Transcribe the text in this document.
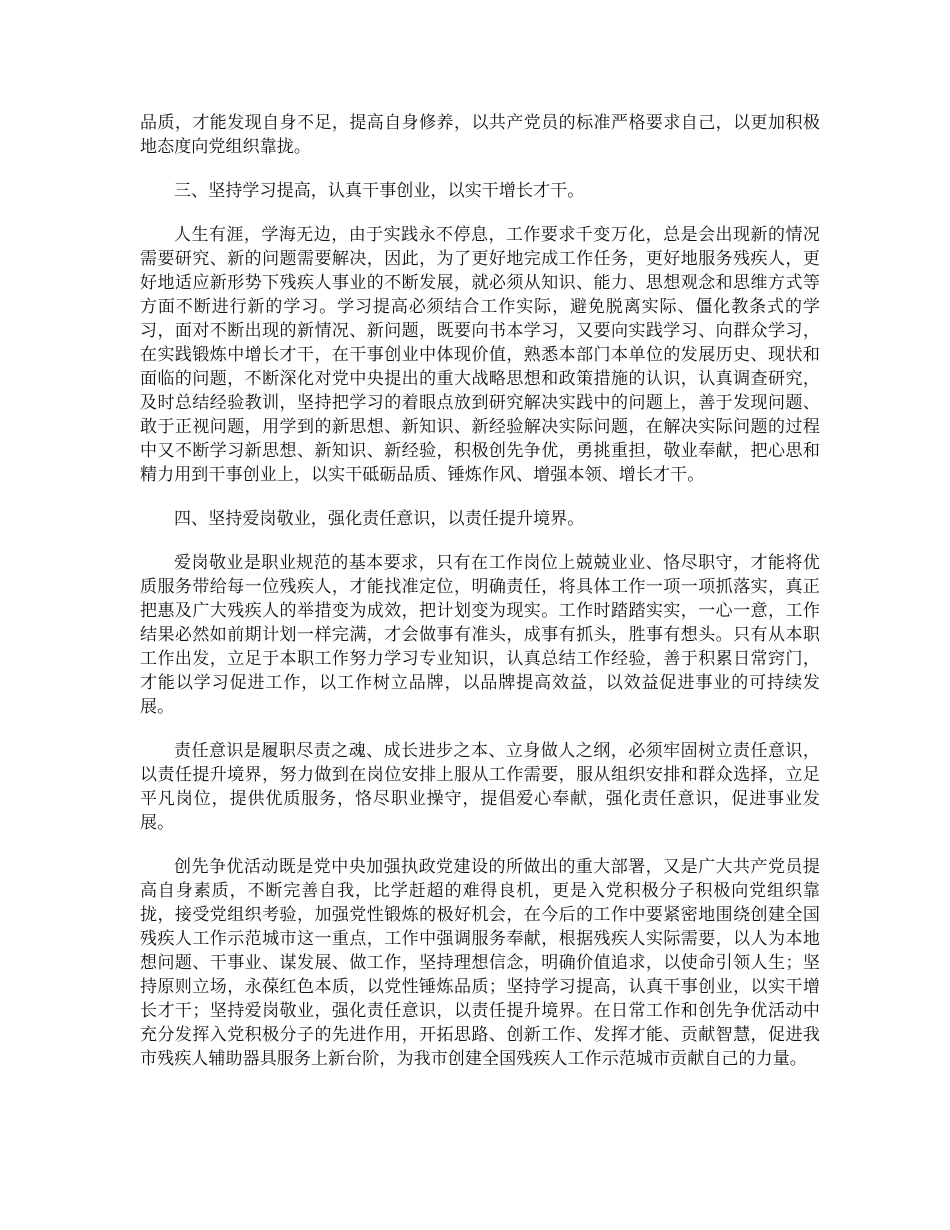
品质，才能发现自身不足，提高自身修养，以共产党员的标准严格要求自己，以更加积极地态度向党组织靠拢。

三、坚持学习提高，认真干事创业，以实干增长才干。

人生有涯，学海无边，由于实践永不停息，工作要求千变万化，总是会出现新的情况需要研究、新的问题需要解决，因此，为了更好地完成工作任务，更好地服务残疾人，更好地适应新形势下残疾人事业的不断发展，就必须从知识、能力、思想观念和思维方式等方面不断进行新的学习。学习提高必须结合工作实际，避免脱离实际、僵化教条式的学习，面对不断出现的新情况、新问题，既要向书本学习，又要向实践学习、向群众学习，在实践锻炼中增长才干，在干事创业中体现价值，熟悉本部门本单位的发展历史、现状和面临的问题，不断深化对党中央提出的重大战略思想和政策措施的认识，认真调查研究，及时总结经验教训，坚持把学习的着眼点放到研究解决实践中的问题上，善于发现问题、敢于正视问题，用学到的新思想、新知识、新经验解决实际问题，在解决实际问题的过程中又不断学习新思想、新知识、新经验，积极创先争优，勇挑重担，敬业奉献，把心思和精力用到干事创业上，以实干砥砺品质、锤炼作风、增强本领、增长才干。

四、坚持爱岗敬业，强化责任意识，以责任提升境界。

爱岗敬业是职业规范的基本要求，只有在工作岗位上兢兢业业、恪尽职守，才能将优质服务带给每一位残疾人，才能找准定位，明确责任，将具体工作一项一项抓落实，真正把惠及广大残疾人的举措变为成效，把计划变为现实。工作时踏踏实实，一心一意，工作结果必然如前期计划一样完满，才会做事有准头，成事有抓头，胜事有想头。只有从本职工作出发，立足于本职工作努力学习专业知识，认真总结工作经验，善于积累日常窍门，才能以学习促进工作，以工作树立品牌，以品牌提高效益，以效益促进事业的可持续发展。

责任意识是履职尽责之魂、成长进步之本、立身做人之纲，必须牢固树立责任意识，以责任提升境界，努力做到在岗位安排上服从工作需要，服从组织安排和群众选择，立足平凡岗位，提供优质服务，恪尽职业操守，提倡爱心奉献，强化责任意识，促进事业发展。

创先争优活动既是党中央加强执政党建设的所做出的重大部署，又是广大共产党员提高自身素质，不断完善自我，比学赶超的难得良机，更是入党积极分子积极向党组织靠拢，接受党组织考验，加强党性锻炼的极好机会，在今后的工作中要紧密地围绕创建全国残疾人工作示范城市这一重点，工作中强调服务奉献，根据残疾人实际需要，以人为本地想问题、干事业、谋发展、做工作，坚持理想信念，明确价值追求，以使命引领人生；坚持原则立场，永葆红色本质，以党性锤炼品质；坚持学习提高，认真干事创业，以实干增长才干；坚持爱岗敬业，强化责任意识，以责任提升境界。在日常工作和创先争优活动中充分发挥入党积极分子的先进作用，开拓思路、创新工作、发挥才能、贡献智慧，促进我市残疾人辅助器具服务上新台阶，为我市创建全国残疾人工作示范城市贡献自己的力量。
